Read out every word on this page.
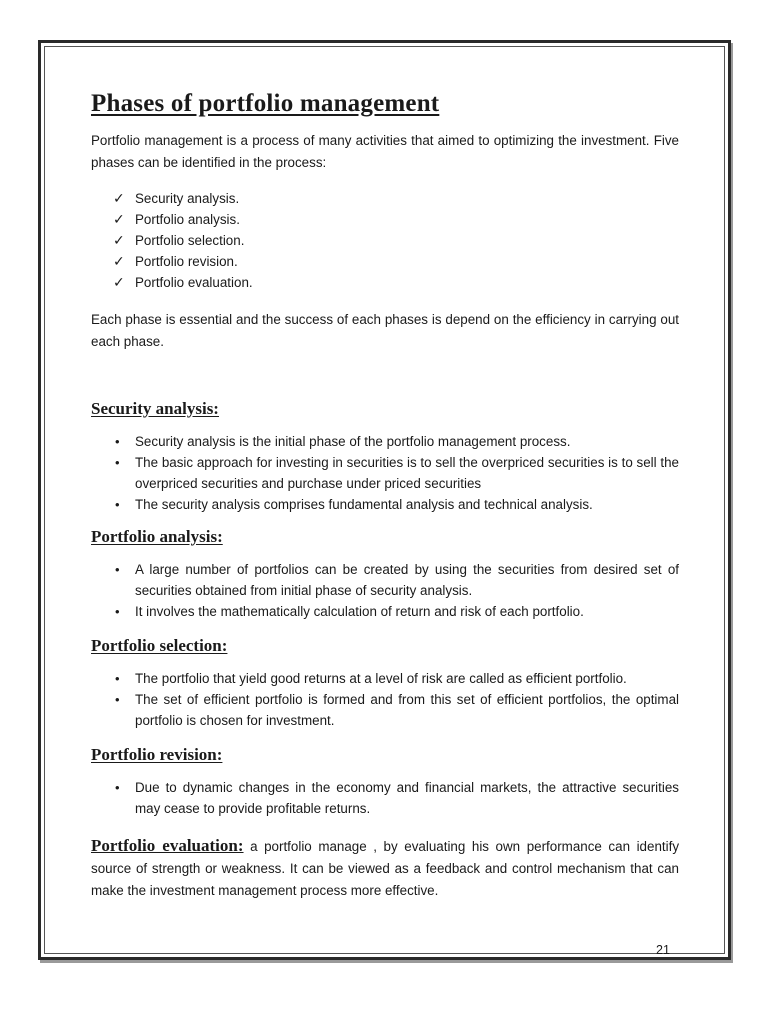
Phases of portfolio management

Portfolio management is a process of many activities that aimed to optimizing the investment. Five phases can be identified in the process:

✓ Security analysis.
✓ Portfolio analysis.
✓ Portfolio selection.
✓ Portfolio revision.
✓ Portfolio evaluation.

Each phase is essential and the success of each phases is depend on the efficiency in carrying out each phase.

Security analysis:
•	Security analysis is the initial phase of the portfolio management process.
•	The basic approach for investing in securities is to sell the overpriced securities is to sell the overpriced securities and purchase under priced securities
•	The security analysis comprises fundamental analysis and technical analysis.
Portfolio analysis:
•	A large number of portfolios can be created by using the securities from desired set of securities obtained from initial phase of security analysis.
•	It involves the mathematically calculation of return and risk of each portfolio.
Portfolio selection:
•	The portfolio that yield good returns at a level of risk are called as efficient portfolio.
•	The set of efficient portfolio is formed and from this set of efficient portfolios, the optimal portfolio is chosen for investment.
Portfolio revision:
•	Due to dynamic changes in the economy and financial markets, the attractive securities may cease to provide profitable returns.

Portfolio evaluation: a portfolio manage , by evaluating his own performance can identify source of strength or weakness. It can be viewed as a feedback and control mechanism that can make the investment management process more effective.

21
